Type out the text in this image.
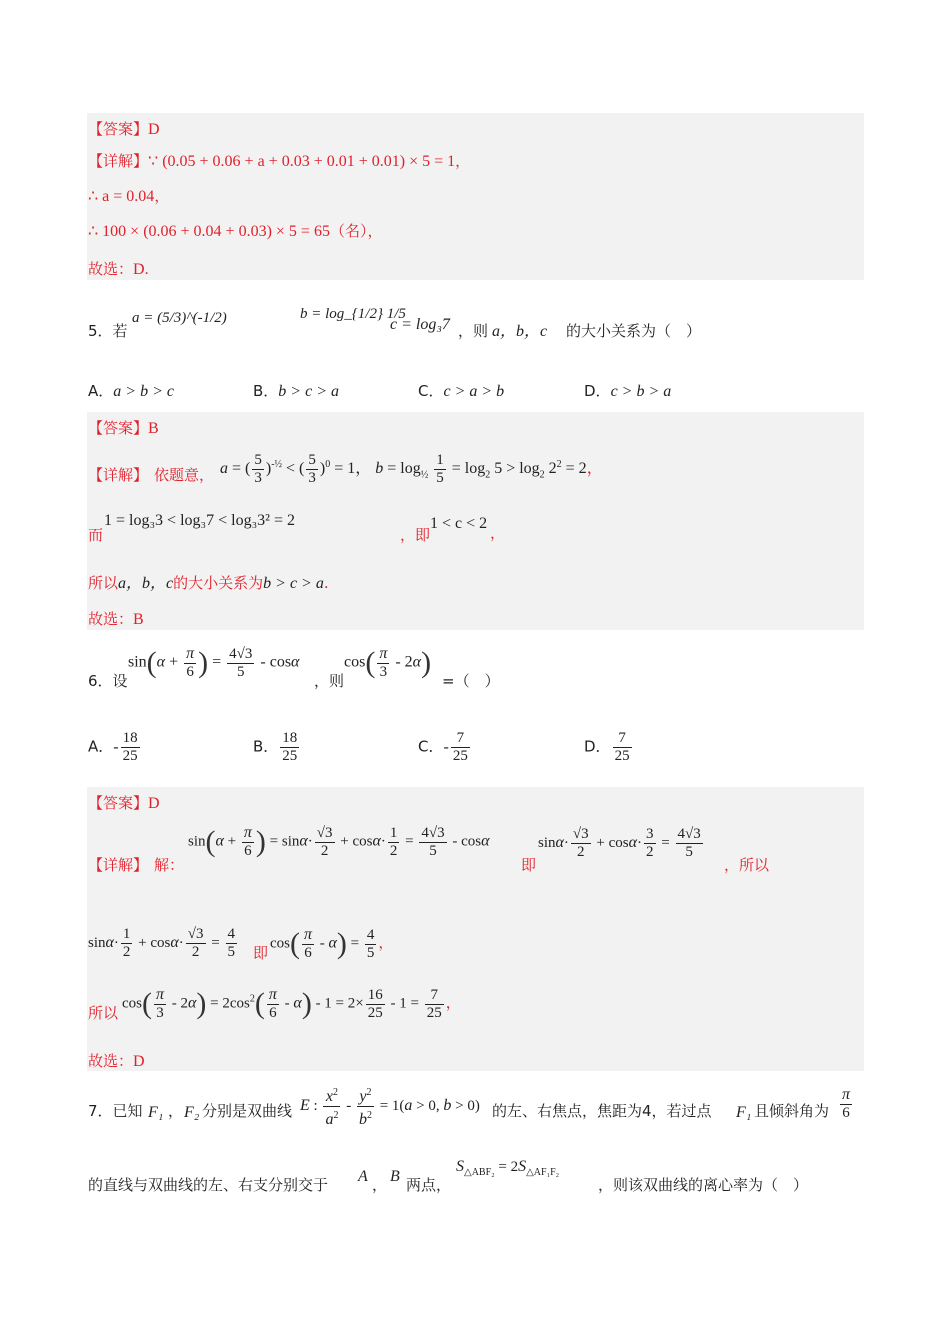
【答案】D
【详解】∵ (0.05 + 0.06 + a + 0.03 + 0.01 + 0.01) × 5 = 1，
∴ a = 0.04，
∴ 100 × (0.06 + 0.04 + 0.03) × 5 = 65（名），
故选：D.
5．若
a = (5/3)^(-1/2)	b = log_{1/2} 1/5
c = log₃7 ，则 a，b，c 的大小关系为（　）
A．a > b > c	B．b > c > a	C．c > a > b	D．c > b > a
【答案】B
【详解】 依题意， a = ( $\frac{5}{3} )^{-\frac{1}{2}}$ < ( $\frac{5}{3} )^0 = 1$， $b = \log_{\frac{1}{2}} \frac{1}{5} = \log_2 5 > \log_2 2^2 = 2$，
而
1 = log₃3 < log₃7 < log₃3² = 2
，即
1 < c < 2
，
所以a，b，c的大小关系为b > c > a.
故选：B
6．设
$\sin(\alpha + \frac{\pi}{6}$ ) = $\frac{4√3}{5}$ - cosα
，则
$\cos( \frac{\pi}{3} - 2\alpha)$
=（　）
A．- $\frac{18}{25}$	B． $\frac{18}{25}$	C．- $\frac{7}{25}$	D． $\frac{7}{25}$
【答案】D
【详解】 解：
$\sin(\alpha + \frac{\pi}{6}$ ) = $\sin\alpha\cdot \frac{√3}{2} + \cos\alpha\cdot \frac{1}{2} = \frac{4√3}{5} - \cos\alpha$
即
$\sin\alpha\cdot \frac{√3}{2} + \cos\alpha\cdot \frac{3}{2} = \frac{4√3}{5}$
，所以
$\sin\alpha\cdot \frac{1}{2} + \cos\alpha\cdot \frac{√3}{2} = \frac{4}{5}$ 即
$\cos( \frac{\pi}{6} - \alpha) = \frac{4}{5}$ ，
所以
$\cos( \frac{\pi}{3} - 2\alpha) = 2\cos^2( \frac{\pi}{6} - \alpha) - 1 = 2\times \frac{16}{25} - 1 = \frac{7}{25}$ ，
故选：D
7．已知 F₁ ， F₂ 分别是双曲线 E : $\frac{x^2}{a^2} - \frac{y^2}{b^2} = 1(a > 0$, b > 0) 的左、右焦点，焦距为4，若过点 F₁ 且倾斜角为 $\frac{\pi}{6}$
的直线与双曲线的左、右支分别交于 A ， B 两点，
$S_{\triangle ABF_2} = 2S_{\triangle AF_1F_2}$
，则该双曲线的离心率为（　）
